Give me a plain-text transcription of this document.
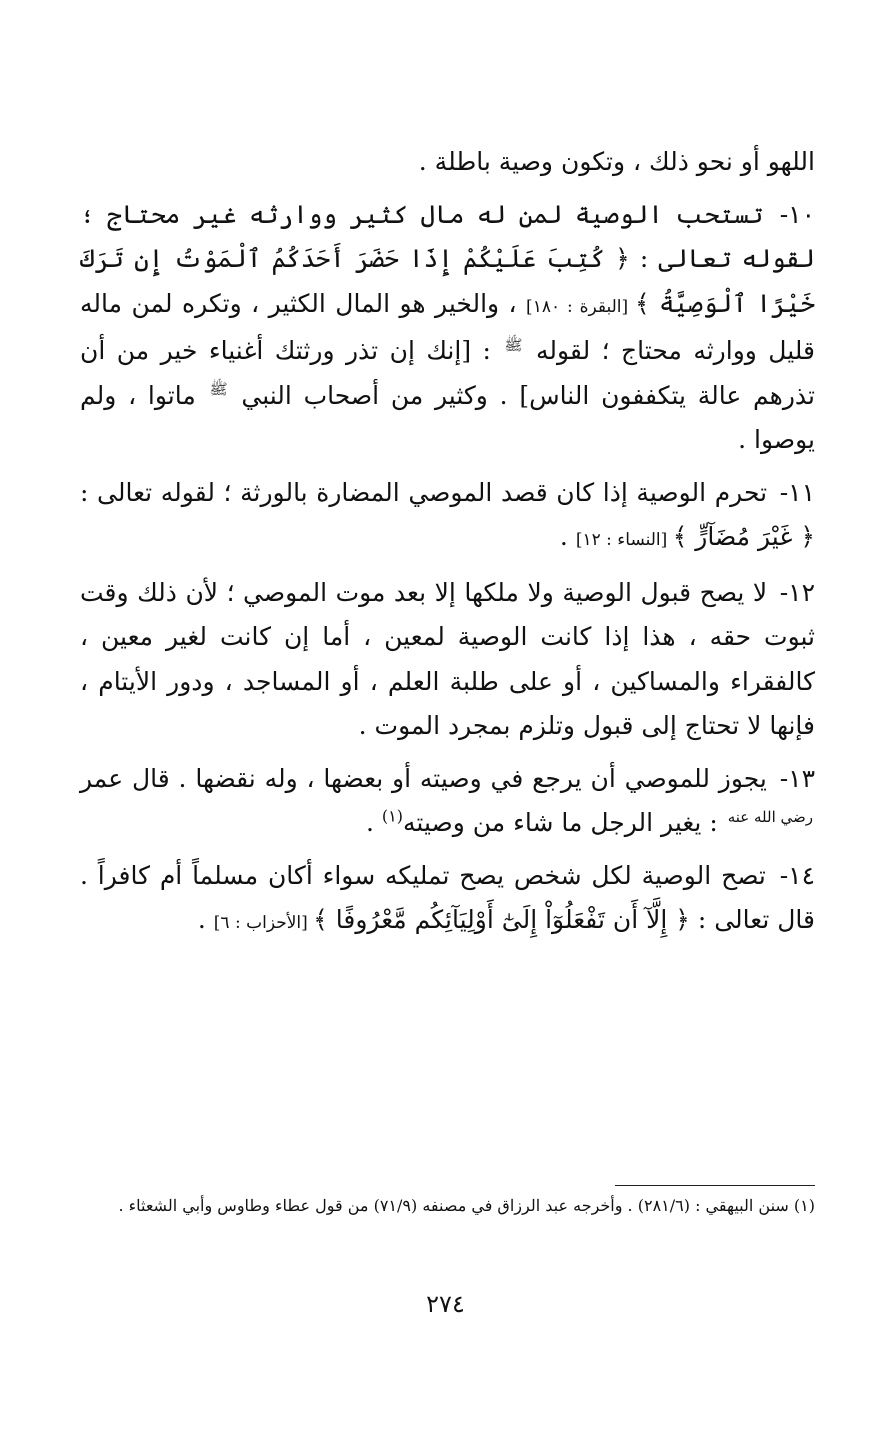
اللهو أو نحو ذلك ، وتكون وصية باطلة .

١٠- تستحب الوصية لمن له مال كثير ووارثه غير محتاج ؛ لقوله تعالى : ﴿ كُتِبَ عَلَيْكُمْ إِذَا حَضَرَ أَحَدَكُمُ ٱلْمَوْتُ إِن تَرَكَ خَيْرًا ٱلْوَصِيَّةُ ﴾ [البقرة : ١٨٠] ، والخير هو المال الكثير ، وتكره لمن ماله قليل ووارثه محتاج ؛ لقوله $^ﷺ$ : [إنك إن تذر ورثتك أغنياء خير من أن تذرهم عالة يتكففون الناس] . وكثير من أصحاب النبي $^ﷺ$ ماتوا ، ولم يوصوا .

١١- تحرم الوصية إذا كان قصد الموصي المضارة بالورثة ؛ لقوله تعالى : ﴿ غَيْرَ مُضَآرٍّ ﴾ [النساء : ١٢] .

١٢- لا يصح قبول الوصية ولا ملكها إلا بعد موت الموصي ؛ لأن ذلك وقت ثبوت حقه ، هذا إذا كانت الوصية لمعين ، أما إن كانت لغير معين ، كالفقراء والمساكين ، أو على طلبة العلم ، أو المساجد ، ودور الأيتام ، فإنها لا تحتاج إلى قبول وتلزم بمجرد الموت .

١٣- يجوز للموصي أن يرجع في وصيته أو بعضها ، وله نقضها . قال عمر $^{رضي الله عنه}$ : يغير الرجل ما شاء من وصيته$^{(١)}$ .

١٤- تصح الوصية لكل شخص يصح تمليكه سواء أكان مسلماً أم كافراً . قال تعالى : ﴿ إِلَّآ أَن تَفْعَلُوٓاْ إِلَىٰٓ أَوْلِيَآئِكُم مَّعْرُوفًا ﴾ [الأحزاب : ٦] .

(١) سنن البيهقي : (٢٨١/٦) . وأخرجه عبد الرزاق في مصنفه (٧١/٩) من قول عطاء وطاوس وأبي الشعثاء .
٢٧٤
